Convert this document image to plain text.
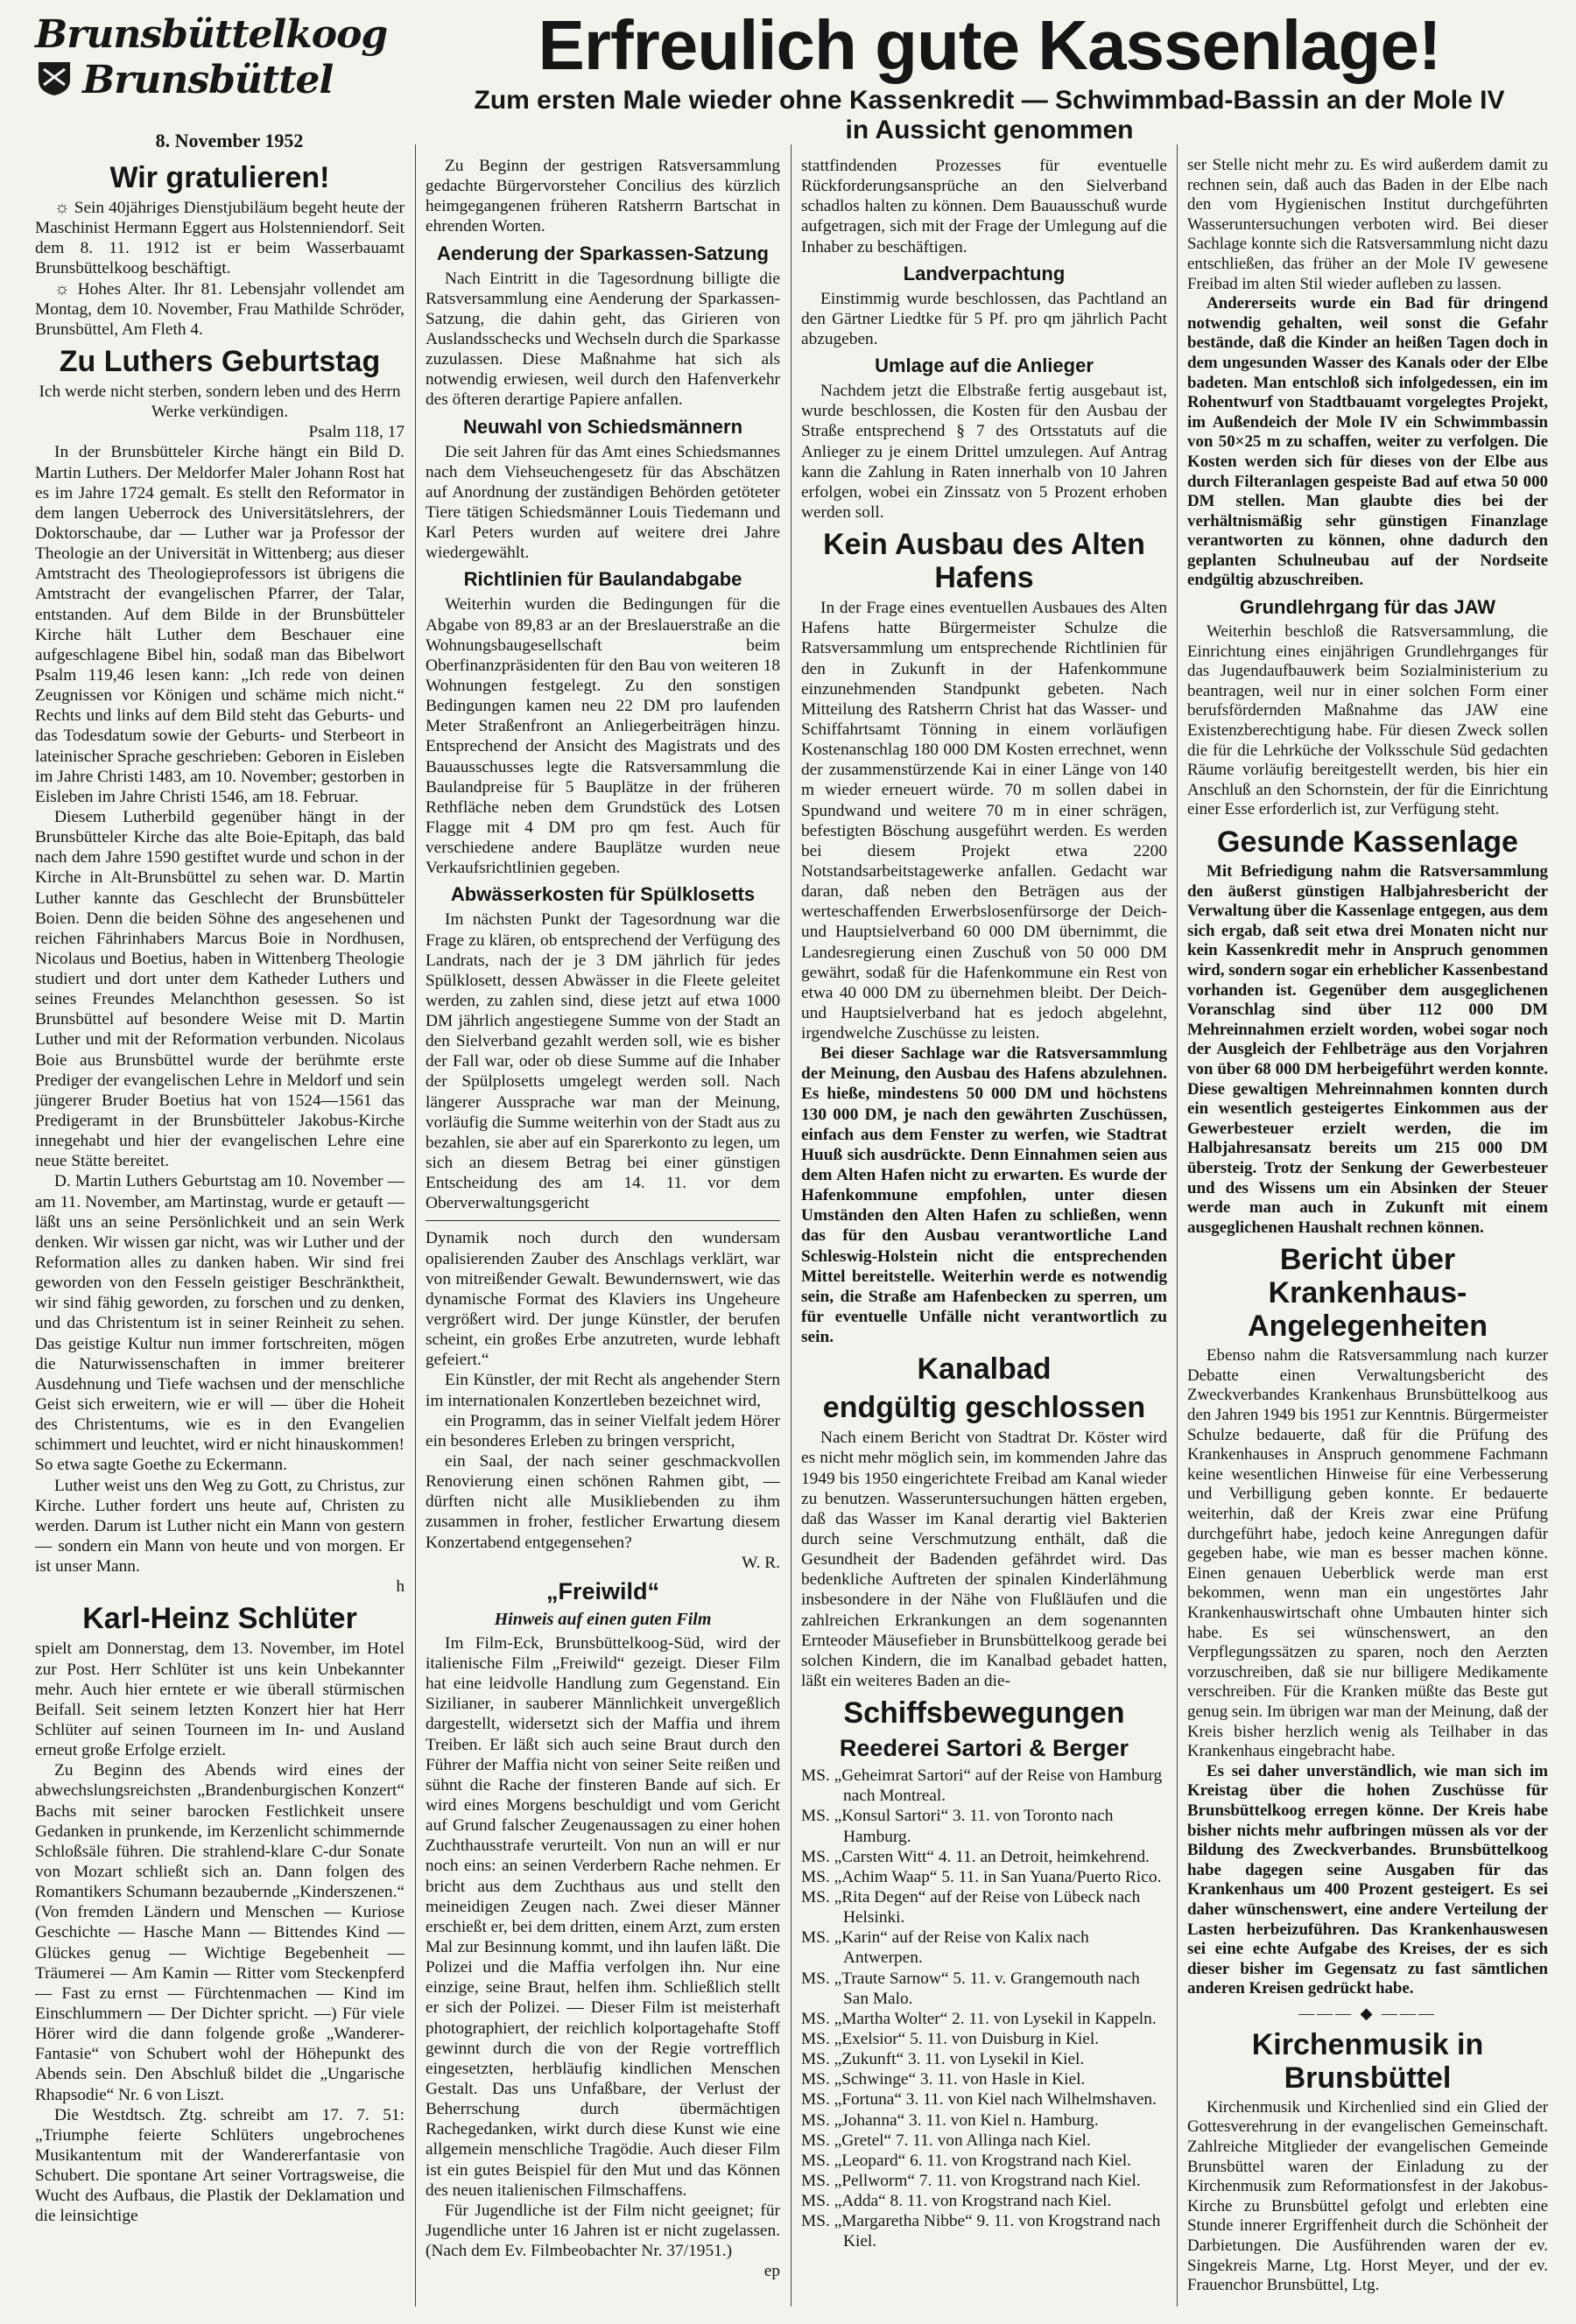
Brunsbüttelkoog
Brunsbüttel
8. November 1952
Erfreulich gute Kassenlage!
Zum ersten Male wieder ohne Kassenkredit — Schwimmbad-Bassin an der Mole IV
in Aussicht genommen
Wir gratulieren!

☼ Sein 40jähriges Dienstjubiläum begeht heute der Maschinist Hermann Eggert aus Holstenniendorf. Seit dem 8. 11. 1912 ist er beim Wasserbauamt Brunsbüttelkoog beschäftigt.

☼ Hohes Alter. Ihr 81. Lebensjahr vollendet am Montag, dem 10. November, Frau Mathilde Schröder, Brunsbüttel, Am Fleth 4.

Zu Luthers Geburtstag

Ich werde nicht sterben, sondern leben und des Herrn Werke verkündigen.

Psalm 118, 17

In der Brunsbütteler Kirche hängt ein Bild D. Martin Luthers. Der Meldorfer Maler Johann Rost hat es im Jahre 1724 gemalt. Es stellt den Reformator in dem langen Ueberrock des Universitätslehrers, der Doktorschaube, dar — Luther war ja Professor der Theologie an der Universität in Wittenberg; aus dieser Amtstracht des Theologieprofessors ist übrigens die Amtstracht der evangelischen Pfarrer, der Talar, entstanden. Auf dem Bilde in der Brunsbütteler Kirche hält Luther dem Beschauer eine aufgeschlagene Bibel hin, sodaß man das Bibelwort Psalm 119,46 lesen kann: „Ich rede von deinen Zeugnissen vor Königen und schäme mich nicht.“ Rechts und links auf dem Bild steht das Geburts- und das Todesdatum sowie der Geburts- und Sterbeort in lateinischer Sprache geschrieben: Geboren in Eisleben im Jahre Christi 1483, am 10. November; gestorben in Eisleben im Jahre Christi 1546, am 18. Februar.

Diesem Lutherbild gegenüber hängt in der Brunsbütteler Kirche das alte Boie-Epitaph, das bald nach dem Jahre 1590 gestiftet wurde und schon in der Kirche in Alt-Brunsbüttel zu sehen war. D. Martin Luther kannte das Geschlecht der Brunsbütteler Boien. Denn die beiden Söhne des angesehenen und reichen Fährinhabers Marcus Boie in Nordhusen, Nicolaus und Boetius, haben in Wittenberg Theologie studiert und dort unter dem Katheder Luthers und seines Freundes Melanchthon gesessen. So ist Brunsbüttel auf besondere Weise mit D. Martin Luther und mit der Reformation verbunden. Nicolaus Boie aus Brunsbüttel wurde der berühmte erste Prediger der evangelischen Lehre in Meldorf und sein jüngerer Bruder Boetius hat von 1524—1561 das Predigeramt in der Brunsbütteler Jakobus-Kirche innegehabt und hier der evangelischen Lehre eine neue Stätte bereitet.

D. Martin Luthers Geburtstag am 10. November — am 11. November, am Martinstag, wurde er getauft — läßt uns an seine Persönlichkeit und an sein Werk denken. Wir wissen gar nicht, was wir Luther und der Reformation alles zu danken haben. Wir sind frei geworden von den Fesseln geistiger Beschränktheit, wir sind fähig geworden, zu forschen und zu denken, und das Christentum ist in seiner Reinheit zu sehen. Das geistige Kultur nun immer fortschreiten, mögen die Naturwissenschaften in immer breiterer Ausdehnung und Tiefe wachsen und der menschliche Geist sich erweitern, wie er will — über die Hoheit des Christentums, wie es in den Evangelien schimmert und leuchtet, wird er nicht hinauskommen! So etwa sagte Goethe zu Eckermann.

Luther weist uns den Weg zu Gott, zu Christus, zur Kirche. Luther fordert uns heute auf, Christen zu werden. Darum ist Luther nicht ein Mann von gestern — sondern ein Mann von heute und von morgen. Er ist unser Mann.

h

Karl-Heinz Schlüter

spielt am Donnerstag, dem 13. November, im Hotel zur Post. Herr Schlüter ist uns kein Unbekannter mehr. Auch hier erntete er wie überall stürmischen Beifall. Seit seinem letzten Konzert hier hat Herr Schlüter auf seinen Tourneen im In- und Ausland erneut große Erfolge erzielt.

Zu Beginn des Abends wird eines der abwechslungsreichsten „Brandenburgischen Konzert“ Bachs mit seiner barocken Festlichkeit unsere Gedanken in prunkende, im Kerzenlicht schimmernde Schloßsäle führen. Die strahlend-klare C-dur Sonate von Mozart schließt sich an. Dann folgen des Romantikers Schumann bezaubernde „Kinderszenen.“ (Von fremden Ländern und Menschen — Kuriose Geschichte — Hasche Mann — Bittendes Kind — Glückes genug — Wichtige Begebenheit — Träumerei — Am Kamin — Ritter vom Steckenpferd — Fast zu ernst — Fürchtenmachen — Kind im Einschlummern — Der Dichter spricht. —) Für viele Hörer wird die dann folgende große „Wanderer-Fantasie“ von Schubert wohl der Höhepunkt des Abends sein. Den Abschluß bildet die „Ungarische Rhapsodie“ Nr. 6 von Liszt.

Die Westdtsch. Ztg. schreibt am 17. 7. 51: „Triumphe feierte Schlüters ungebrochenes Musikantentum mit der Wandererfantasie von Schubert. Die spontane Art seiner Vortragsweise, die Wucht des Aufbaus, die Plastik der Deklamation und die leinsichtige

Zu Beginn der gestrigen Ratsversammlung gedachte Bürgervorsteher Concilius des kürzlich heimgegangenen früheren Ratsherrn Bartschat in ehrenden Worten.

Aenderung der Sparkassen-Satzung

Nach Eintritt in die Tagesordnung billigte die Ratsversammlung eine Aenderung der Sparkassen-Satzung, die dahin geht, das Girieren von Auslandsschecks und Wechseln durch die Sparkasse zuzulassen. Diese Maßnahme hat sich als notwendig erwiesen, weil durch den Hafenverkehr des öfteren derartige Papiere anfallen.

Neuwahl von Schiedsmännern

Die seit Jahren für das Amt eines Schiedsmannes nach dem Viehseuchengesetz für das Abschätzen auf Anordnung der zuständigen Behörden getöteter Tiere tätigen Schiedsmänner Louis Tiedemann und Karl Peters wurden auf weitere drei Jahre wiedergewählt.

Richtlinien für Baulandabgabe

Weiterhin wurden die Bedingungen für die Abgabe von 89,83 ar an der Breslauerstraße an die Wohnungsbaugesellschaft beim Oberfinanzpräsidenten für den Bau von weiteren 18 Wohnungen festgelegt. Zu den sonstigen Bedingungen kamen neu 22 DM pro laufenden Meter Straßenfront an Anliegerbeiträgen hinzu. Entsprechend der Ansicht des Magistrats und des Bauausschusses legte die Ratsversammlung die Baulandpreise für 5 Bauplätze in der früheren Rethfläche neben dem Grundstück des Lotsen Flagge mit 4 DM pro qm fest. Auch für verschiedene andere Bauplätze wurden neue Verkaufsrichtlinien gegeben.

Abwässerkosten für Spülklosetts

Im nächsten Punkt der Tagesordnung war die Frage zu klären, ob entsprechend der Verfügung des Landrats, nach der je 3 DM jährlich für jedes Spülklosett, dessen Abwässer in die Fleete geleitet werden, zu zahlen sind, diese jetzt auf etwa 1000 DM jährlich angestiegene Summe von der Stadt an den Sielverband gezahlt werden soll, wie es bisher der Fall war, oder ob diese Summe auf die Inhaber der Spülplosetts umgelegt werden soll. Nach längerer Aussprache war man der Meinung, vorläufig die Summe weiterhin von der Stadt aus zu bezahlen, sie aber auf ein Sparerkonto zu legen, um sich an diesem Betrag bei einer günstigen Entscheidung des am 14. 11. vor dem Oberverwaltungsgericht

Dynamik noch durch den wundersam opalisierenden Zauber des Anschlags verklärt, war von mitreißender Gewalt. Bewundernswert, wie das dynamische Format des Klaviers ins Ungeheure vergrößert wird. Der junge Künstler, der berufen scheint, ein großes Erbe anzutreten, wurde lebhaft gefeiert.“

Ein Künstler, der mit Recht als angehender Stern im internationalen Konzertleben bezeichnet wird,

ein Programm, das in seiner Vielfalt jedem Hörer ein besonderes Erleben zu bringen verspricht,

ein Saal, der nach seiner geschmackvollen Renovierung einen schönen Rahmen gibt, — dürften nicht alle Musikliebenden zu ihm zusammen in froher, festlicher Erwartung diesem Konzertabend entgegensehen?

W. R.

„Freiwild“
Hinweis auf einen guten Film

Im Film-Eck, Brunsbüttelkoog-Süd, wird der italienische Film „Freiwild“ gezeigt. Dieser Film hat eine leidvolle Handlung zum Gegenstand. Ein Sizilianer, in sauberer Männlichkeit unvergeßlich dargestellt, widersetzt sich der Maffia und ihrem Treiben. Er läßt sich auch seine Braut durch den Führer der Maffia nicht von seiner Seite reißen und sühnt die Rache der finsteren Bande auf sich. Er wird eines Morgens beschuldigt und vom Gericht auf Grund falscher Zeugenaussagen zu einer hohen Zuchthausstrafe verurteilt. Von nun an will er nur noch eins: an seinen Verderbern Rache nehmen. Er bricht aus dem Zuchthaus aus und stellt den meineidigen Zeugen nach. Zwei dieser Männer erschießt er, bei dem dritten, einem Arzt, zum ersten Mal zur Besinnung kommt, und ihn laufen läßt. Die Polizei und die Maffia verfolgen ihn. Nur eine einzige, seine Braut, helfen ihm. Schließlich stellt er sich der Polizei. — Dieser Film ist meisterhaft photographiert, der reichlich kolportagehafte Stoff gewinnt durch die von der Regie vortrefflich eingesetzten, herbläufig kindlichen Menschen Gestalt. Das uns Unfaßbare, der Verlust der Beherrschung durch übermächtigen Rachegedanken, wirkt durch diese Kunst wie eine allgemein menschliche Tragödie. Auch dieser Film ist ein gutes Beispiel für den Mut und das Können des neuen italienischen Filmschaffens.

Für Jugendliche ist der Film nicht geeignet; für Jugendliche unter 16 Jahren ist er nicht zugelassen. (Nach dem Ev. Filmbeobachter Nr. 37/1951.)

ep

stattfindenden Prozesses für eventuelle Rückforderungsansprüche an den Sielverband schadlos halten zu können. Dem Bauausschuß wurde aufgetragen, sich mit der Frage der Umlegung auf die Inhaber zu beschäftigen.

Landverpachtung

Einstimmig wurde beschlossen, das Pachtland an den Gärtner Liedtke für 5 Pf. pro qm jährlich Pacht abzugeben.

Umlage auf die Anlieger

Nachdem jetzt die Elbstraße fertig ausgebaut ist, wurde beschlossen, die Kosten für den Ausbau der Straße entsprechend § 7 des Ortsstatuts auf die Anlieger zu je einem Drittel umzulegen. Auf Antrag kann die Zahlung in Raten innerhalb von 10 Jahren erfolgen, wobei ein Zinssatz von 5 Prozent erhoben werden soll.

Kein Ausbau des Alten Hafens

In der Frage eines eventuellen Ausbaues des Alten Hafens hatte Bürgermeister Schulze die Ratsversammlung um entsprechende Richtlinien für den in Zukunft in der Hafenkommune einzunehmenden Standpunkt gebeten. Nach Mitteilung des Ratsherrn Christ hat das Wasser- und Schiffahrtsamt Tönning in einem vorläufigen Kostenanschlag 180 000 DM Kosten errechnet, wenn der zusammenstürzende Kai in einer Länge von 140 m wieder erneuert würde. 70 m sollen dabei in Spundwand und weitere 70 m in einer schrägen, befestigten Böschung ausgeführt werden. Es werden bei diesem Projekt etwa 2200 Notstandsarbeitstagewerke anfallen. Gedacht war daran, daß neben den Beträgen aus der werteschaffenden Erwerbslosenfürsorge der Deich- und Hauptsielverband 60 000 DM übernimmt, die Landesregierung einen Zuschuß von 50 000 DM gewährt, sodaß für die Hafenkommune ein Rest von etwa 40 000 DM zu übernehmen bleibt. Der Deich- und Hauptsielverband hat es jedoch abgelehnt, irgendwelche Zuschüsse zu leisten.

Bei dieser Sachlage war die Ratsversammlung der Meinung, den Ausbau des Hafens abzulehnen. Es hieße, mindestens 50 000 DM und höchstens 130 000 DM, je nach den gewährten Zuschüssen, einfach aus dem Fenster zu werfen, wie Stadtrat Huuß sich ausdrückte. Denn Einnahmen seien aus dem Alten Hafen nicht zu erwarten. Es wurde der Hafenkommune empfohlen, unter diesen Umständen den Alten Hafen zu schließen, wenn das für den Ausbau verantwortliche Land Schleswig-Holstein nicht die entsprechenden Mittel bereitstelle. Weiterhin werde es notwendig sein, die Straße am Hafenbecken zu sperren, um für eventuelle Unfälle nicht verantwortlich zu sein.

Kanalbad
endgültig geschlossen

Nach einem Bericht von Stadtrat Dr. Köster wird es nicht mehr möglich sein, im kommenden Jahre das 1949 bis 1950 eingerichtete Freibad am Kanal wieder zu benutzen. Wasseruntersuchungen hätten ergeben, daß das Wasser im Kanal derartig viel Bakterien durch seine Verschmutzung enthält, daß die Gesundheit der Badenden gefährdet wird. Das bedenkliche Auftreten der spinalen Kinderlähmung insbesondere in der Nähe von Flußläufen und die zahlreichen Erkrankungen an dem sogenannten Ernteoder Mäusefieber in Brunsbüttelkoog gerade bei solchen Kindern, die im Kanalbad gebadet hatten, läßt ein weiteres Baden an die-

Schiffsbewegungen
Reederei Sartori & Berger
MS. „Geheimrat Sartori“ auf der Reise von Hamburg nach Montreal.
MS. „Konsul Sartori“ 3. 11. von Toronto nach Hamburg.
MS. „Carsten Witt“ 4. 11. an Detroit, heimkehrend.
MS. „Achim Waap“ 5. 11. in San Yuana/Puerto Rico.
MS. „Rita Degen“ auf der Reise von Lübeck nach Helsinki.
MS. „Karin“ auf der Reise von Kalix nach Antwerpen.
MS. „Traute Sarnow“ 5. 11. v. Grangemouth nach San Malo.
MS. „Martha Wolter“ 2. 11. von Lysekil in Kappeln.
MS. „Exelsior“ 5. 11. von Duisburg in Kiel.
MS. „Zukunft“ 3. 11. von Lysekil in Kiel.
MS. „Schwinge“ 3. 11. von Hasle in Kiel.
MS. „Fortuna“ 3. 11. von Kiel nach Wilhelmshaven.
MS. „Johanna“ 3. 11. von Kiel n. Hamburg.
MS. „Gretel“ 7. 11. von Allinga nach Kiel.
MS. „Leopard“ 6. 11. von Krogstrand nach Kiel.
MS. „Pellworm“ 7. 11. von Krogstrand nach Kiel.
MS. „Adda“ 8. 11. von Krogstrand nach Kiel.
MS. „Margaretha Nibbe“ 9. 11. von Krogstrand nach Kiel.

ser Stelle nicht mehr zu. Es wird außerdem damit zu rechnen sein, daß auch das Baden in der Elbe nach den vom Hygienischen Institut durchgeführten Wasseruntersuchungen verboten wird. Bei dieser Sachlage konnte sich die Ratsversammlung nicht dazu entschließen, das früher an der Mole IV gewesene Freibad im alten Stil wieder aufleben zu lassen.

Andererseits wurde ein Bad für dringend notwendig gehalten, weil sonst die Gefahr bestände, daß die Kinder an heißen Tagen doch in dem ungesunden Wasser des Kanals oder der Elbe badeten. Man entschloß sich infolgedessen, ein im Rohentwurf von Stadtbauamt vorgelegtes Projekt, im Außendeich der Mole IV ein Schwimmbassin von 50×25 m zu schaffen, weiter zu verfolgen. Die Kosten werden sich für dieses von der Elbe aus durch Filteranlagen gespeiste Bad auf etwa 50 000 DM stellen. Man glaubte dies bei der verhältnismäßig sehr günstigen Finanzlage verantworten zu können, ohne dadurch den geplanten Schulneubau auf der Nordseite endgültig abzuschreiben.

Grundlehrgang für das JAW

Weiterhin beschloß die Ratsversammlung, die Einrichtung eines einjährigen Grundlehrganges für das Jugendaufbauwerk beim Sozialministerium zu beantragen, weil nur in einer solchen Form einer berufsfördernden Maßnahme das JAW eine Existenzberechtigung habe. Für diesen Zweck sollen die für die Lehrküche der Volksschule Süd gedachten Räume vorläufig bereitgestellt werden, bis hier ein Anschluß an den Schornstein, der für die Einrichtung einer Esse erforderlich ist, zur Verfügung steht.

Gesunde Kassenlage

Mit Befriedigung nahm die Ratsversammlung den äußerst günstigen Halbjahresbericht der Verwaltung über die Kassenlage entgegen, aus dem sich ergab, daß seit etwa drei Monaten nicht nur kein Kassenkredit mehr in Anspruch genommen wird, sondern sogar ein erheblicher Kassenbestand vorhanden ist. Gegenüber dem ausgeglichenen Voranschlag sind über 112 000 DM Mehreinnahmen erzielt worden, wobei sogar noch der Ausgleich der Fehlbeträge aus den Vorjahren von über 68 000 DM herbeigeführt werden konnte. Diese gewaltigen Mehreinnahmen konnten durch ein wesentlich gesteigertes Einkommen aus der Gewerbesteuer erzielt werden, die im Halbjahresansatz bereits um 215 000 DM übersteig. Trotz der Senkung der Gewerbesteuer und des Wissens um ein Absinken der Steuer werde man auch in Zukunft mit einem ausgeglichenen Haushalt rechnen können.

Bericht über Krankenhaus-Angelegenheiten

Ebenso nahm die Ratsversammlung nach kurzer Debatte einen Verwaltungsbericht des Zweckverbandes Krankenhaus Brunsbüttelkoog aus den Jahren 1949 bis 1951 zur Kenntnis. Bürgermeister Schulze bedauerte, daß für die Prüfung des Krankenhauses in Anspruch genommene Fachmann keine wesentlichen Hinweise für eine Verbesserung und Verbilligung geben konnte. Er bedauerte weiterhin, daß der Kreis zwar eine Prüfung durchgeführt habe, jedoch keine Anregungen dafür gegeben habe, wie man es besser machen könne. Einen genauen Ueberblick werde man erst bekommen, wenn man ein ungestörtes Jahr Krankenhauswirtschaft ohne Umbauten hinter sich habe. Es sei wünschenswert, an den Verpflegungssätzen zu sparen, noch den Aerzten vorzuschreiben, daß sie nur billigere Medikamente verschreiben. Für die Kranken müßte das Beste gut genug sein. Im übrigen war man der Meinung, daß der Kreis bisher herzlich wenig als Teilhaber in das Krankenhaus eingebracht habe.

Es sei daher unverständlich, wie man sich im Kreistag über die hohen Zuschüsse für Brunsbüttelkoog erregen könne. Der Kreis habe bisher nichts mehr aufbringen müssen als vor der Bildung des Zweckverbandes. Brunsbüttelkoog habe dagegen seine Ausgaben für das Krankenhaus um 400 Prozent gesteigert. Es sei daher wünschenswert, eine andere Verteilung der Lasten herbeizuführen. Das Krankenhauswesen sei eine echte Aufgabe des Kreises, der es sich dieser bisher im Gegensatz zu fast sämtlichen anderen Kreisen gedrückt habe.

——— ◆ ———
Kirchenmusik in Brunsbüttel

Kirchenmusik und Kirchenlied sind ein Glied der Gottesverehrung in der evangelischen Gemeinschaft. Zahlreiche Mitglieder der evangelischen Gemeinde Brunsbüttel waren der Einladung zu der Kirchenmusik zum Reformationsfest in der Jakobus-Kirche zu Brunsbüttel gefolgt und erlebten eine Stunde innerer Ergriffenheit durch die Schönheit der Darbietungen. Die Ausführenden waren der ev. Singekreis Marne, Ltg. Horst Meyer, und der ev. Frauenchor Brunsbüttel, Ltg.
